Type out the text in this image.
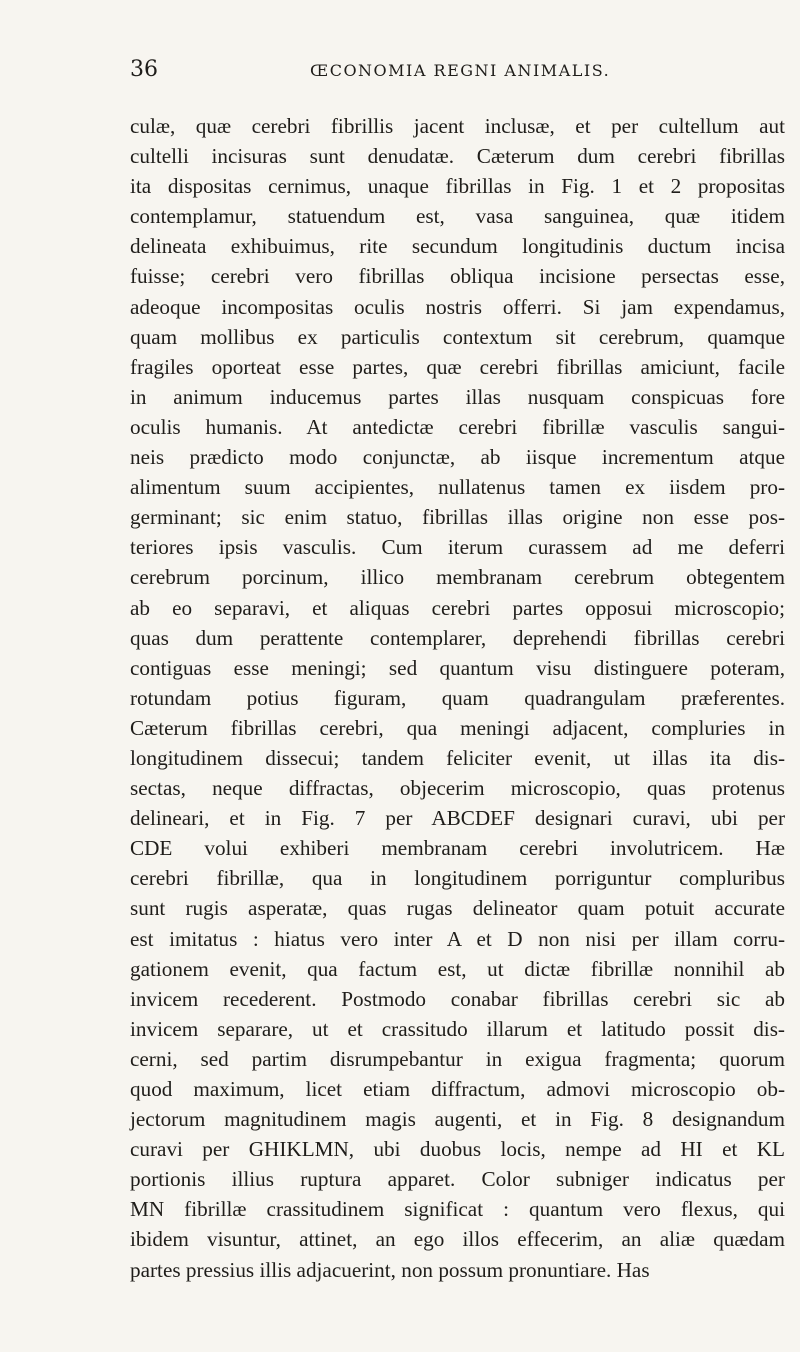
36	ŒCONOMIA REGNI ANIMALIS.
culæ, quæ cerebri fibrillis jacent inclusæ, et per cultellum aut
cultelli incisuras sunt denudatæ. Cæterum dum cerebri fibrillas
ita dispositas cernimus, unaque fibrillas in Fig. 1 et 2 propositas
contemplamur, statuendum est, vasa sanguinea, quæ itidem
delineata exhibuimus, rite secundum longitudinis ductum incisa
fuisse; cerebri vero fibrillas obliqua incisione persectas esse,
adeoque incompositas oculis nostris offerri. Si jam expendamus,
quam mollibus ex particulis contextum sit cerebrum, quamque
fragiles oporteat esse partes, quæ cerebri fibrillas amiciunt, facile
in animum inducemus partes illas nusquam conspicuas fore
oculis humanis. At antedictæ cerebri fibrillæ vasculis sangui-
neis prædicto modo conjunctæ, ab iisque incrementum atque
alimentum suum accipientes, nullatenus tamen ex iisdem pro-
germinant; sic enim statuo, fibrillas illas origine non esse pos-
teriores ipsis vasculis. Cum iterum curassem ad me deferri
cerebrum porcinum, illico membranam cerebrum obtegentem
ab eo separavi, et aliquas cerebri partes opposui microscopio;
quas dum perattente contemplarer, deprehendi fibrillas cerebri
contiguas esse meningi; sed quantum visu distinguere poteram,
rotundam potius figuram, quam quadrangulam præferentes.
Cæterum fibrillas cerebri, qua meningi adjacent, compluries in
longitudinem dissecui; tandem feliciter evenit, ut illas ita dis-
sectas, neque diffractas, objecerim microscopio, quas protenus
delineari, et in Fig. 7 per ABCDEF designari curavi, ubi per
CDE volui exhiberi membranam cerebri involutricem. Hæ
cerebri fibrillæ, qua in longitudinem porriguntur compluribus
sunt rugis asperatæ, quas rugas delineator quam potuit accurate
est imitatus : hiatus vero inter A et D non nisi per illam corru-
gationem evenit, qua factum est, ut dictæ fibrillæ nonnihil ab
invicem recederent. Postmodo conabar fibrillas cerebri sic ab
invicem separare, ut et crassitudo illarum et latitudo possit dis-
cerni, sed partim disrumpebantur in exigua fragmenta; quorum
quod maximum, licet etiam diffractum, admovi microscopio ob-
jectorum magnitudinem magis augenti, et in Fig. 8 designandum
curavi per GHIKLMN, ubi duobus locis, nempe ad HI et KL
portionis illius ruptura apparet. Color subniger indicatus per
MN fibrillæ crassitudinem significat : quantum vero flexus, qui
ibidem visuntur, attinet, an ego illos effecerim, an aliæ quædam
partes pressius illis adjacuerint, non possum pronuntiare. Has
